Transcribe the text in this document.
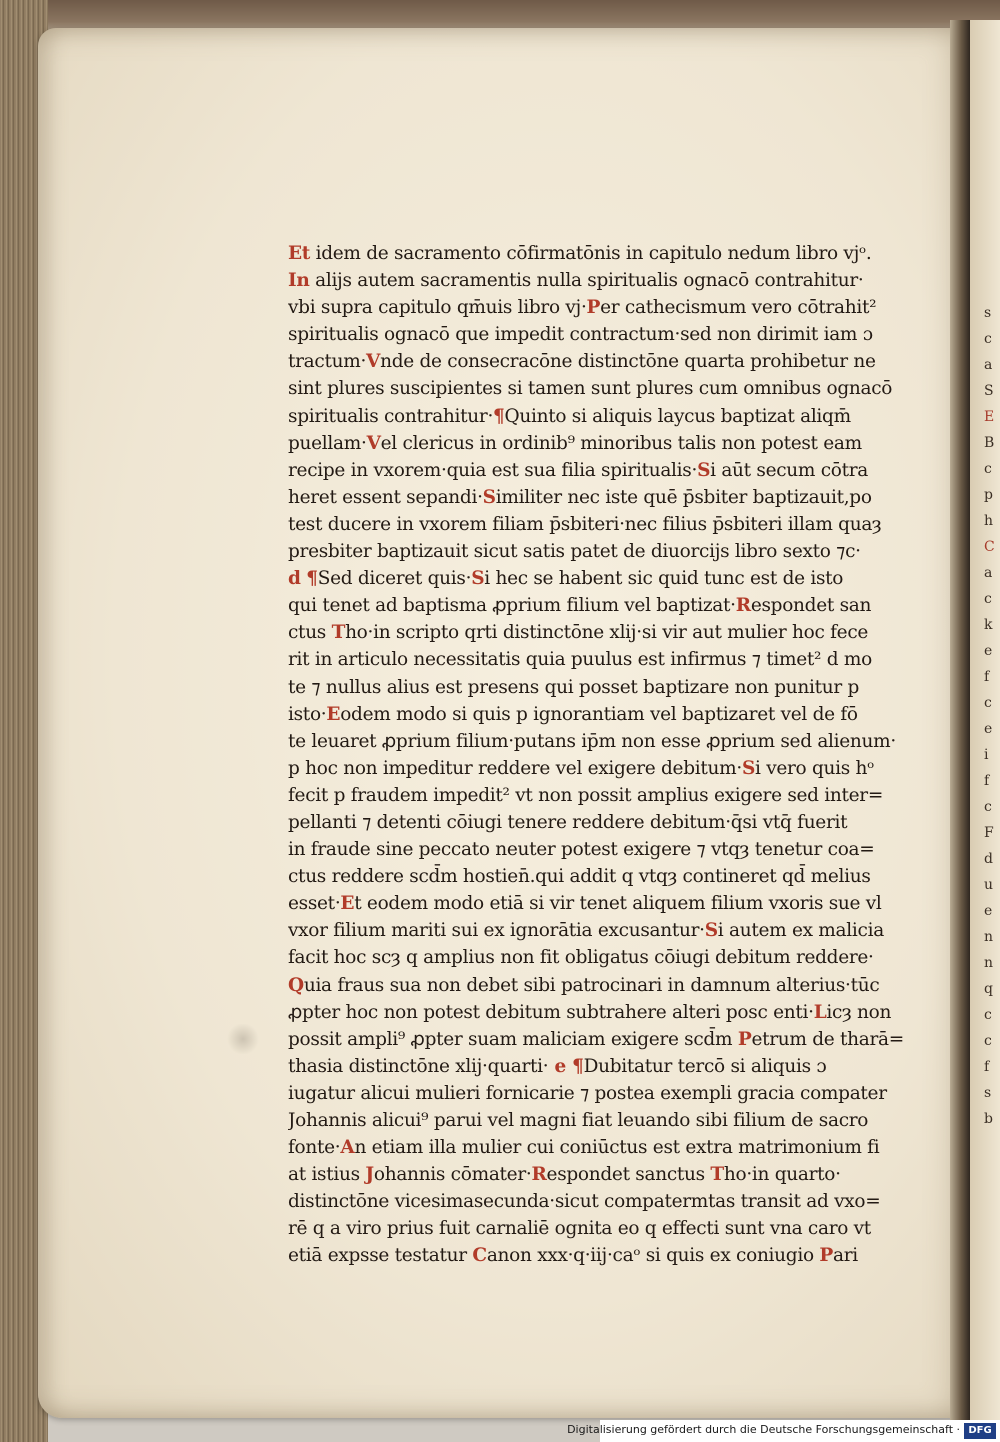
s
c
a
S
E
B
c
p
h
C
a
c
k
e
f
c
e
i
f
c
F
d
u
e
n
n
q
c
c
f
s
b
Et idem de sacramento cōfirmatōnis in capitulo nedum libro vjᵒ.
In alijs autem sacramentis nulla spiritualis ognacō contrahitur·
vbi supra capitulo qm̄uis libro vj·Per cathecismum vero cōtrahit²
spiritualis ognacō que impedit contractum·sed non dirimit iam ɔ
tractum·Vnde de consecracōne distinctōne quarta prohibetur ne
sint plures suscipientes si tamen sunt plures cum omnibus ognacō
spiritualis contrahitur·¶Quinto si aliquis laycus baptizat aliqm̄
puellam·Vel clericus in ordinib⁹ minoribus talis non potest eam
recipe in vxorem·quia est sua filia spiritualis·Si aūt secum cōtra
heret essent sepandi·Similiter nec iste quē p̄sbiter baptizauit,po
test ducere in vxorem filiam p̄sbiteri·nec filius p̄sbiteri illam quaȝ
presbiter baptizauit sicut satis patet de diuorcijs libro sexto ⁊c·
d ¶Sed diceret quis·Si hec se habent sic quid tunc est de isto
qui tenet ad baptisma ꝓprium filium vel baptizat·Respondet san
ctus Tho·in scripto qrti distinctōne xlij·si vir aut mulier hoc fece
rit in articulo necessitatis quia puulus est infirmus ⁊ timet² d mo
te ⁊ nullus alius est presens qui posset baptizare non punitur p
isto·Eodem modo si quis p ignorantiam vel baptizaret vel de fō
te leuaret ꝓprium filium·putans ip̄m non esse ꝓprium sed alienum·
p hoc non impeditur reddere vel exigere debitum·Si vero quis hᵒ
fecit p fraudem impedit² vt non possit amplius exigere sed inter=
pellanti ⁊ detenti cōiugi tenere reddere debitum·q̄si vtq̄ fuerit
in fraude sine peccato neuter potest exigere ⁊ vtqȝ tenetur coa=
ctus reddere scd̄m hostien̄.qui addit q vtqȝ contineret qd̄ melius
esset·Et eodem modo etiā si vir tenet aliquem filium vxoris sue vl
vxor filium mariti sui ex ignorātia excusantur·Si autem ex malicia
facit hoc scȝ q amplius non fit obligatus cōiugi debitum reddere·
Quia fraus sua non debet sibi patrocinari in damnum alterius·tūc
ꝓpter hoc non potest debitum subtrahere alteri posc enti·Licȝ non
possit ampli⁹ ꝓpter suam maliciam exigere scd̄m Petrum de tharā=
thasia distinctōne xlij·quarti· e ¶Dubitatur tercō si aliquis ɔ
iugatur alicui mulieri fornicarie ⁊ postea exempli gracia compater
Johannis alicui⁹ parui vel magni fiat leuando sibi filium de sacro
fonte·An etiam illa mulier cui coniūctus est extra matrimonium fi
at istius Johannis cōmater·Respondet sanctus Tho·in quarto·
distinctōne vicesimasecunda·sicut compatermtas transit ad vxo=
rē q a viro prius fuit carnaliē ognita eo q effecti sunt vna caro vt
etiā expsse testatur Canon xxx·q·iij·caᵒ si quis ex coniugio Pari
Digitalisierung gefördert durch die Deutsche Forschungsgemeinschaft · DFG
